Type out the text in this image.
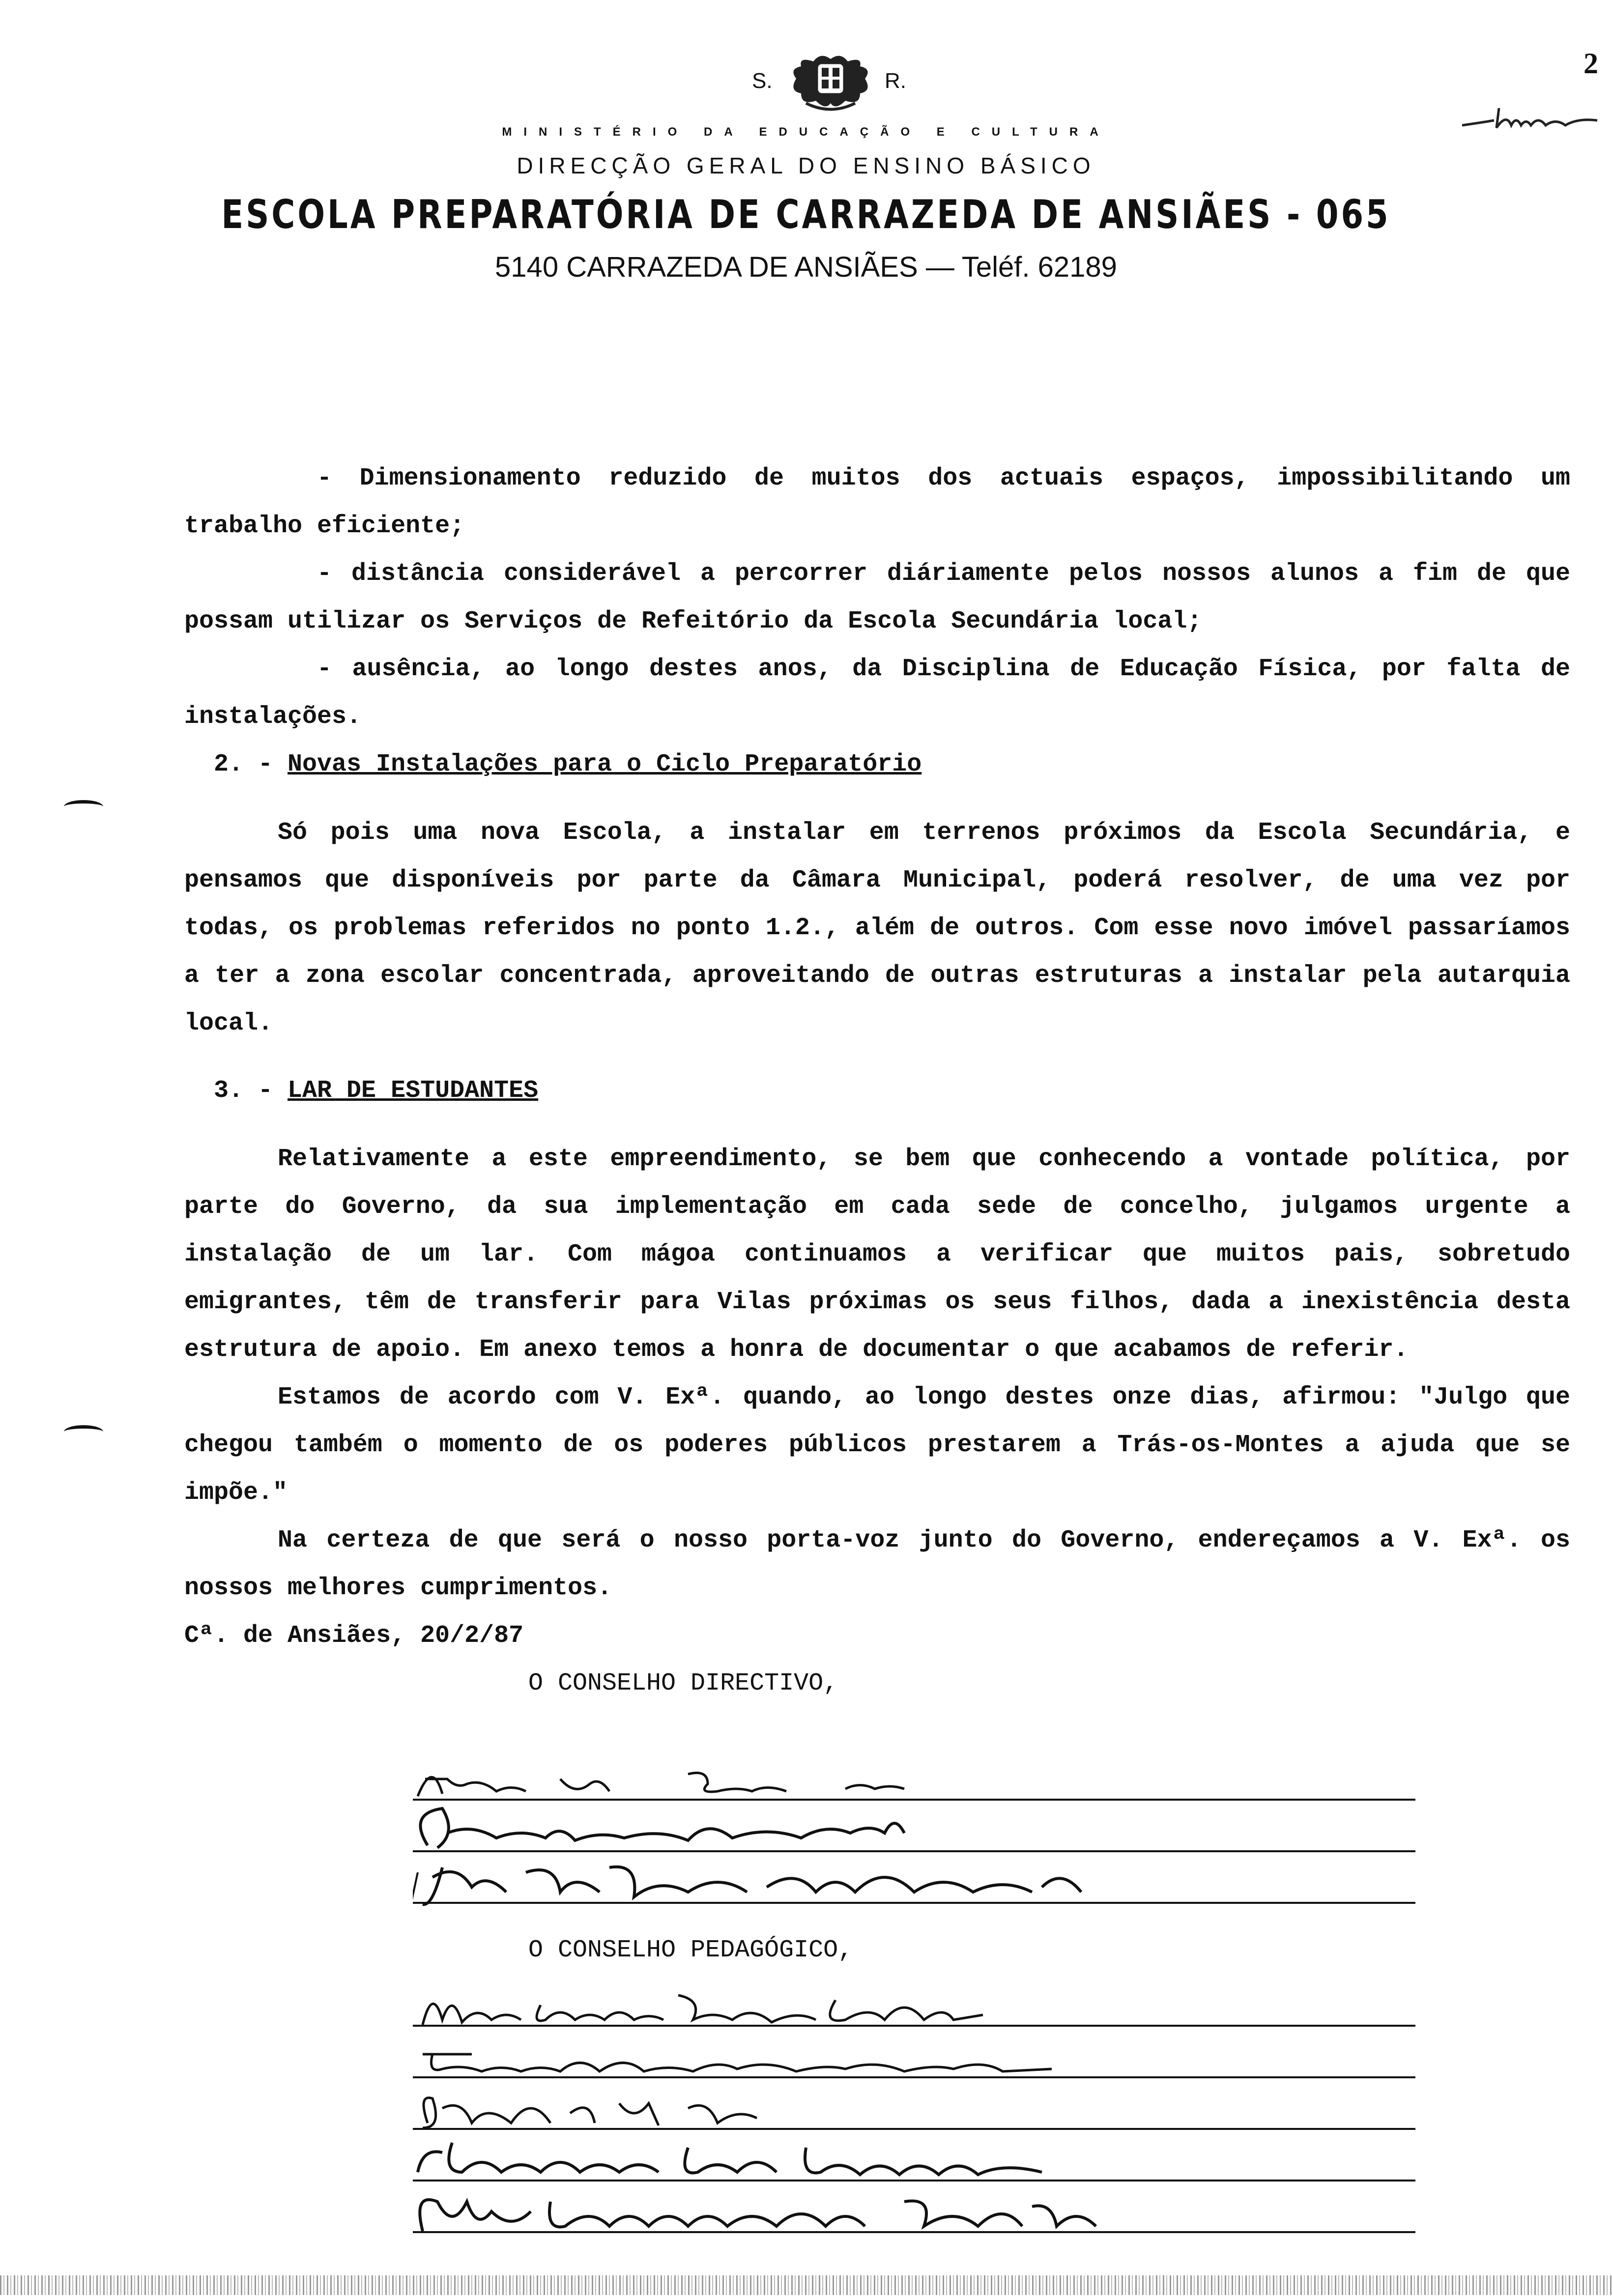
S.	R.
MINISTÉRIO DA EDUCAÇÃO E CULTURA
DIRECÇÃO GERAL DO ENSINO BÁSICO
ESCOLA PREPARATÓRIA DE CARRAZEDA DE ANSIÃES - 065
5140 CARRAZEDA DE ANSIÃES — Teléf. 62189
2

- Dimensionamento reduzido de muitos dos actuais espaços, impossibilitando um trabalho eficiente;

- distância considerável a percorrer diáriamente pelos nossos alunos a fim de que possam utilizar os Serviços de Refeitório da Escola Secundária local;

- ausência, ao longo destes anos, da Disciplina de Educação Física, por falta de instalações.

2. - Novas Instalações para o Ciclo Preparatório

Só pois uma nova Escola, a instalar em terrenos próximos da Escola Secundária, e pensamos que disponíveis por parte da Câmara Municipal, poderá resolver, de uma vez por todas, os problemas referidos no ponto 1.2., além de outros. Com esse novo imóvel passaríamos a ter a zona escolar concentrada, aproveitando de outras estruturas a instalar pela autarquia local.

3. - LAR DE ESTUDANTES

Relativamente a este empreendimento, se bem que conhecendo a vontade política, por parte do Governo, da sua implementação em cada sede de concelho, julgamos urgente a instalação de um lar. Com mágoa continuamos a verificar que muitos pais, sobretudo emigrantes, têm de transferir para Vilas próximas os seus filhos, dada a inexistência desta estrutura de apoio. Em anexo temos a honra de documentar o que acabamos de referir.

Estamos de acordo com V. Exª. quando, ao longo destes onze dias, afirmou: "Julgo que chegou também o momento de os poderes públicos prestarem a Trás-os-Montes a ajuda que se impõe."

Na certeza de que será o nosso porta-voz junto do Governo, endereçamos a V. Exª. os nossos melhores cumprimentos.

Cª. de Ansiães, 20/2/87

O CONSELHO DIRECTIVO,

O CONSELHO PEDAGÓGICO,
